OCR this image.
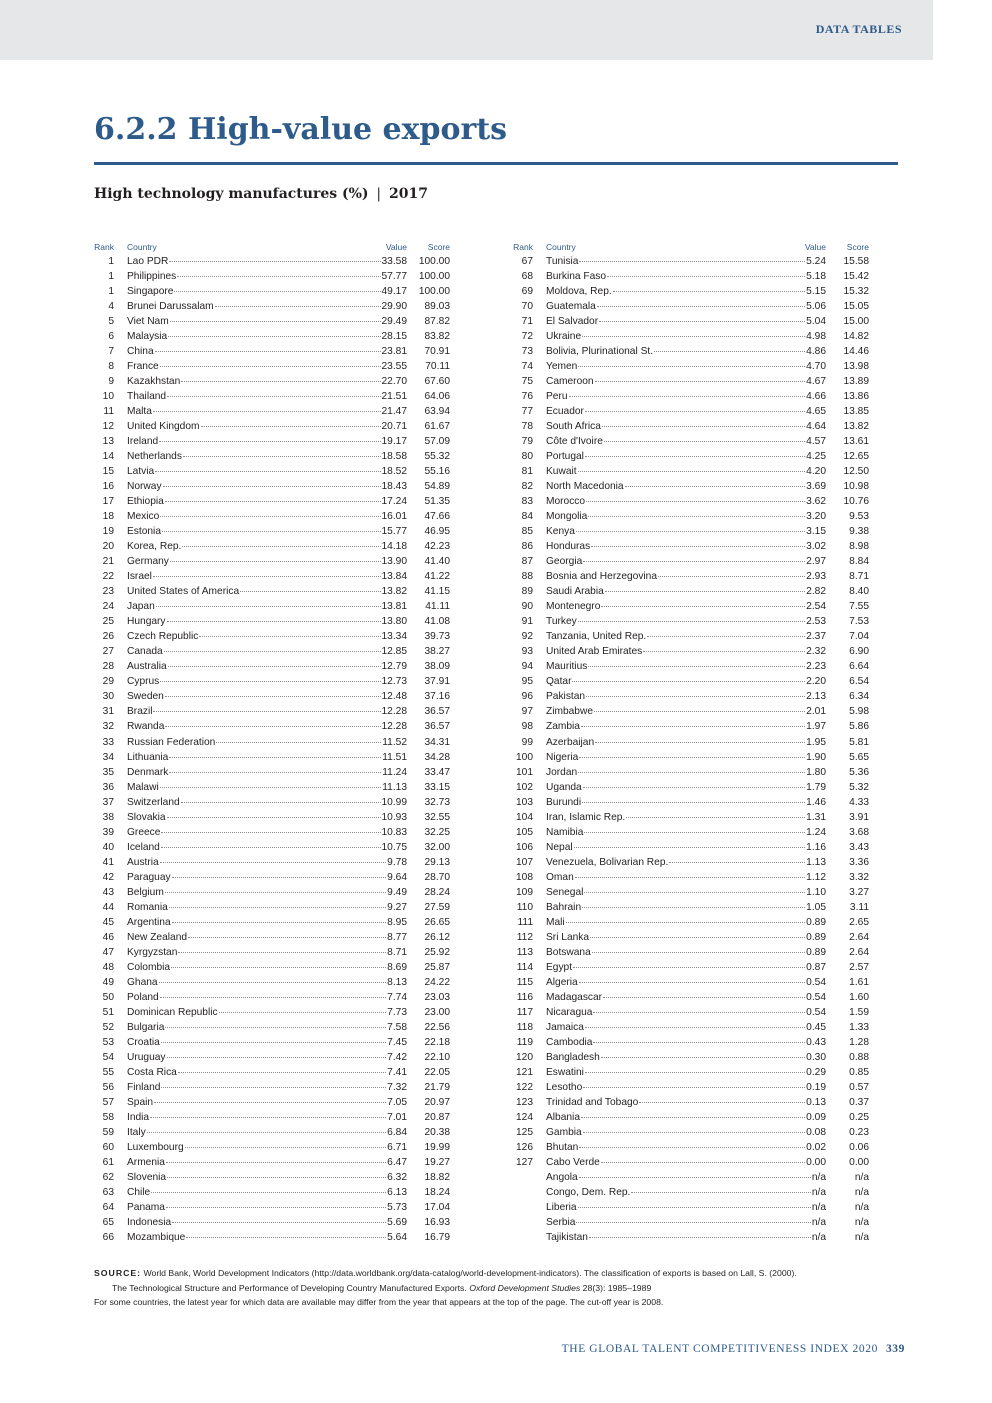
DATA TABLES
6.2.2 High-value exports
High technology manufactures (%) | 2017
Rank Country	Value	Score
1 Lao PDR	33.58	100.00
1 Philippines	57.77	100.00
1 Singapore	49.17	100.00
4 Brunei Darussalam	29.90	89.03
5 Viet Nam	29.49	87.82
6 Malaysia	28.15	83.82
7 China	23.81	70.91
8 France	23.55	70.11
9 Kazakhstan	22.70	67.60
10 Thailand	21.51	64.06
11 Malta	21.47	63.94
12 United Kingdom	20.71	61.67
13 Ireland	19.17	57.09
14 Netherlands	18.58	55.32
15 Latvia	18.52	55.16
16 Norway	18.43	54.89
17 Ethiopia	17.24	51.35
18 Mexico	16.01	47.66
19 Estonia	15.77	46.95
20 Korea, Rep.	14.18	42.23
21 Germany	13.90	41.40
22 Israel	13.84	41.22
23 United States of America	13.82	41.15
24 Japan	13.81	41.11
25 Hungary	13.80	41.08
26 Czech Republic	13.34	39.73
27 Canada	12.85	38.27
28 Australia	12.79	38.09
29 Cyprus	12.73	37.91
30 Sweden	12.48	37.16
31 Brazil	12.28	36.57
32 Rwanda	12.28	36.57
33 Russian Federation	11.52	34.31
34 Lithuania	11.51	34.28
35 Denmark	11.24	33.47
36 Malawi	11.13	33.15
37 Switzerland	10.99	32.73
38 Slovakia	10.93	32.55
39 Greece	10.83	32.25
40 Iceland	10.75	32.00
41 Austria	9.78	29.13
42 Paraguay	9.64	28.70
43 Belgium	9.49	28.24
44 Romania	9.27	27.59
45 Argentina	8.95	26.65
46 New Zealand	8.77	26.12
47 Kyrgyzstan	8.71	25.92
48 Colombia	8.69	25.87
49 Ghana	8.13	24.22
50 Poland	7.74	23.03
51 Dominican Republic	7.73	23.00
52 Bulgaria	7.58	22.56
53 Croatia	7.45	22.18
54 Uruguay	7.42	22.10
55 Costa Rica	7.41	22.05
56 Finland	7.32	21.79
57 Spain	7.05	20.97
58 India	7.01	20.87
59 Italy	6.84	20.38
60 Luxembourg	6.71	19.99
61 Armenia	6.47	19.27
62 Slovenia	6.32	18.82
63 Chile	6.13	18.24
64 Panama	5.73	17.04
65 Indonesia	5.69	16.93
66 Mozambique	5.64	16.79
Rank Country	Value	Score
67 Tunisia	5.24	15.58
68 Burkina Faso	5.18	15.42
69 Moldova, Rep.	5.15	15.32
70 Guatemala	5.06	15.05
71 El Salvador	5.04	15.00
72 Ukraine	4.98	14.82
73 Bolivia, Plurinational St.	4.86	14.46
74 Yemen	4.70	13.98
75 Cameroon	4.67	13.89
76 Peru	4.66	13.86
77 Ecuador	4.65	13.85
78 South Africa	4.64	13.82
79 Côte d'Ivoire	4.57	13.61
80 Portugal	4.25	12.65
81 Kuwait	4.20	12.50
82 North Macedonia	3.69	10.98
83 Morocco	3.62	10.76
84 Mongolia	3.20	9.53
85 Kenya	3.15	9.38
86 Honduras	3.02	8.98
87 Georgia	2.97	8.84
88 Bosnia and Herzegovina	2.93	8.71
89 Saudi Arabia	2.82	8.40
90 Montenegro	2.54	7.55
91 Turkey	2.53	7.53
92 Tanzania, United Rep.	2.37	7.04
93 United Arab Emirates	2.32	6.90
94 Mauritius	2.23	6.64
95 Qatar	2.20	6.54
96 Pakistan	2.13	6.34
97 Zimbabwe	2.01	5.98
98 Zambia	1.97	5.86
99 Azerbaijan	1.95	5.81
100 Nigeria	1.90	5.65
101 Jordan	1.80	5.36
102 Uganda	1.79	5.32
103 Burundi	1.46	4.33
104 Iran, Islamic Rep.	1.31	3.91
105 Namibia	1.24	3.68
106 Nepal	1.16	3.43
107 Venezuela, Bolivarian Rep.	1.13	3.36
108 Oman	1.12	3.32
109 Senegal	1.10	3.27
110 Bahrain	1.05	3.11
111 Mali	0.89	2.65
112 Sri Lanka	0.89	2.64
113 Botswana	0.89	2.64
114 Egypt	0.87	2.57
115 Algeria	0.54	1.61
116 Madagascar	0.54	1.60
117 Nicaragua	0.54	1.59
118 Jamaica	0.45	1.33
119 Cambodia	0.43	1.28
120 Bangladesh	0.30	0.88
121 Eswatini	0.29	0.85
122 Lesotho	0.19	0.57
123 Trinidad and Tobago	0.13	0.37
124 Albania	0.09	0.25
125 Gambia	0.08	0.23
126 Bhutan	0.02	0.06
127 Cabo Verde	0.00	0.00
Angola	n/a	n/a
Congo, Dem. Rep.	n/a	n/a
Liberia	n/a	n/a
Serbia	n/a	n/a
Tajikistan	n/a	n/a
SOURCE: World Bank, World Development Indicators (http://data.worldbank.org/data-catalog/world-development-indicators). The classification of exports is based on Lall, S. (2000).
The Technological Structure and Performance of Developing Country Manufactured Exports. Oxford Development Studies 28(3): 1985–1989
For some countries, the latest year for which data are available may differ from the year that appears at the top of the page. The cut-off year is 2008.
THE GLOBAL TALENT COMPETITIVENESS INDEX 2020 339
